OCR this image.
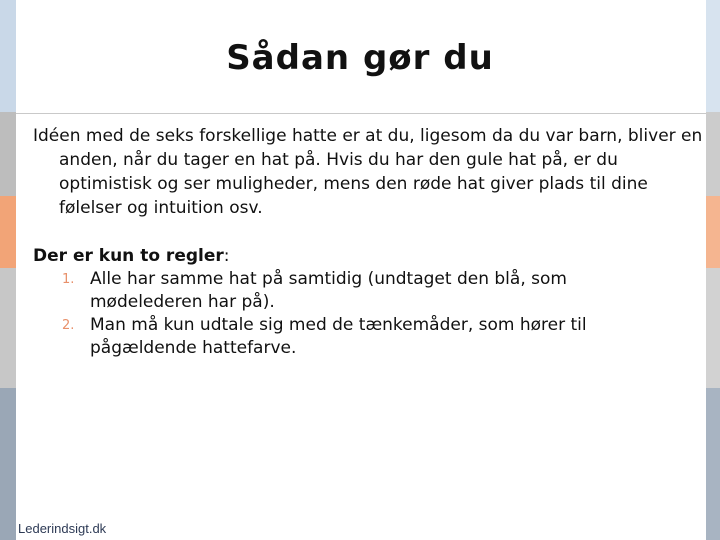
Sådan gør du

Idéen med de seks forskellige hatte er at du, ligesom da du var barn, bliver en anden, når du tager en hat på. Hvis du har den gule hat på, er du optimistisk og ser muligheder, mens den røde hat giver plads til dine følelser og intuition osv.

Der er kun to regler:
1. Alle har samme hat på samtidig (undtaget den blå, som mødelederen har på).
2. Man må kun udtale sig med de tænkemåder, som hører til pågældende hattefarve.
Lederindsigt.dk
